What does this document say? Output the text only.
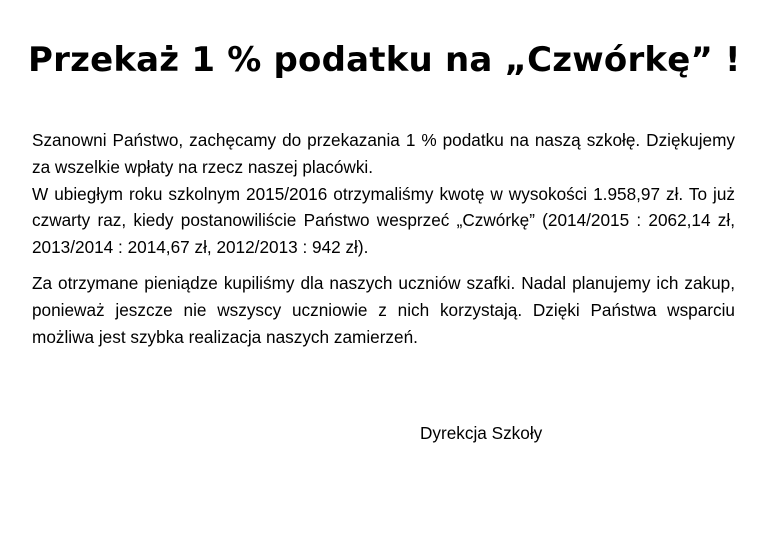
Przekaż 1 % podatku na „Czwórkę” !

Szanowni Państwo, zachęcamy do przekazania 1 % podatku na naszą szkołę. Dziękujemy za wszelkie wpłaty na rzecz naszej placówki.
W ubiegłym roku szkolnym 2015/2016 otrzymaliśmy kwotę w wysokości 1.958,97 zł. To już czwarty raz, kiedy postanowiliście Państwo wesprzeć „Czwórkę” (2014/2015 : 2062,14 zł, 2013/2014 : 2014,67 zł, 2012/2013 : 942 zł).

Za otrzymane pieniądze kupiliśmy dla naszych uczniów szafki. Nadal planujemy ich zakup, ponieważ jeszcze nie wszyscy uczniowie z nich korzystają. Dzięki Państwa wsparciu możliwa jest szybka realizacja naszych zamierzeń.

Dyrekcja Szkoły
